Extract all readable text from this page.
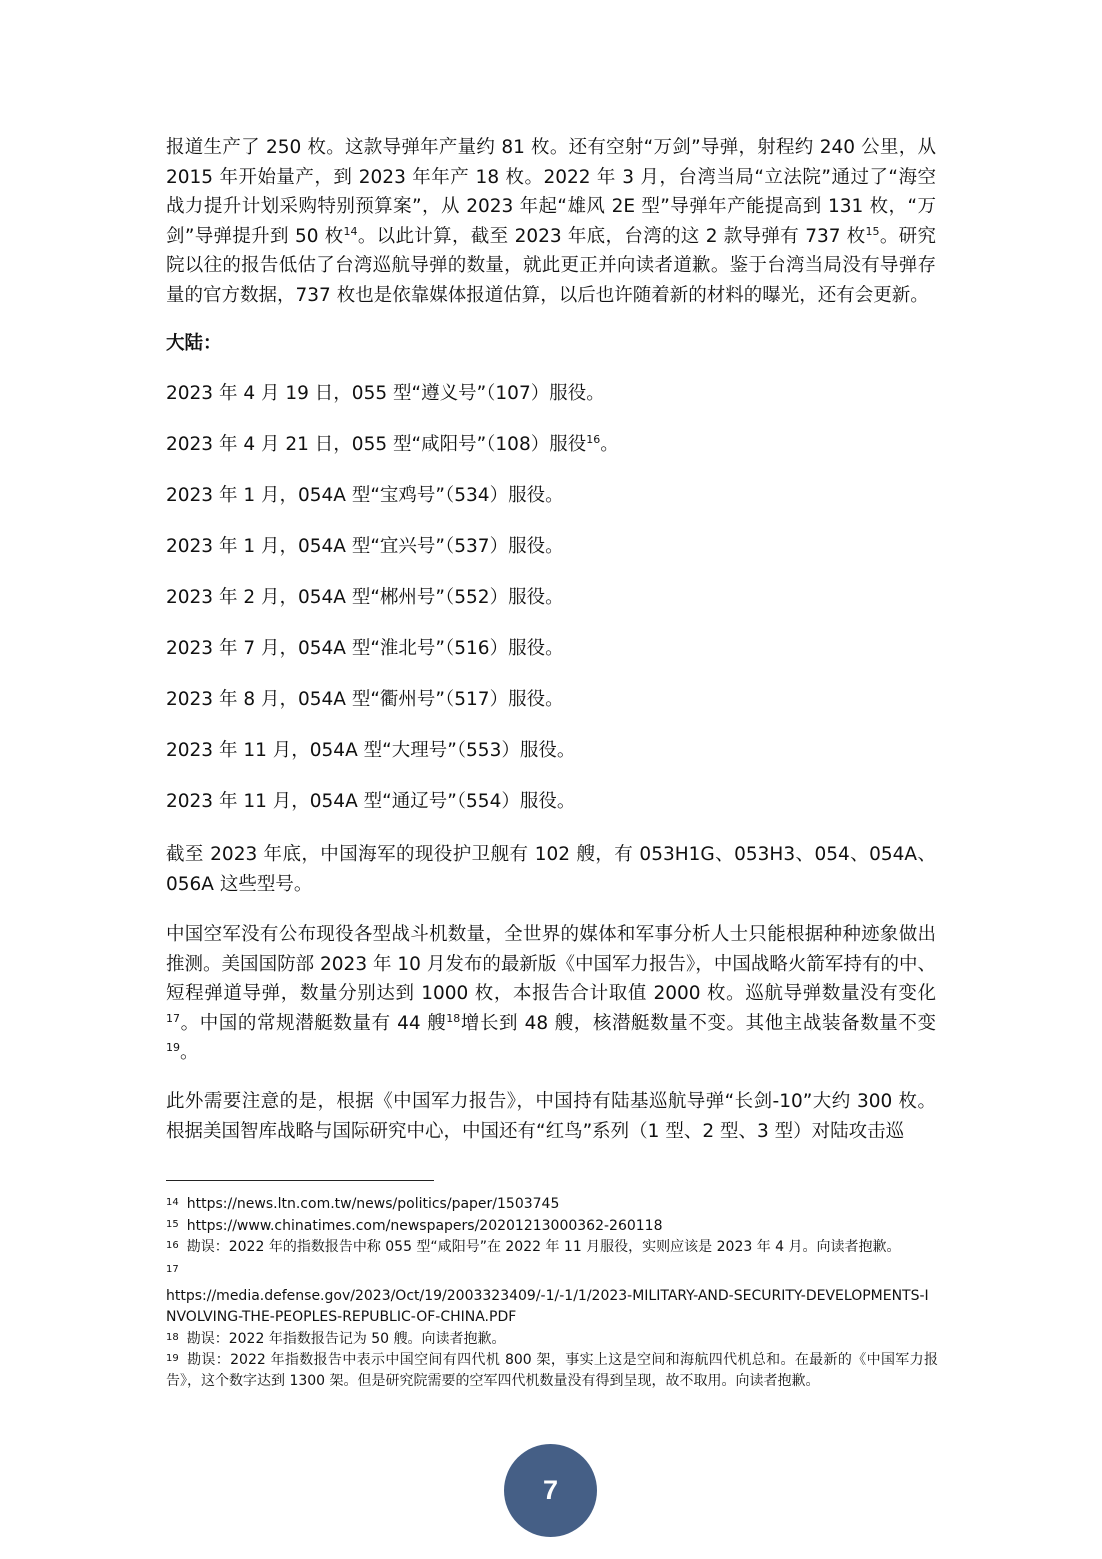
报道生产了 250 枚。这款导弹年产量约 81 枚。还有空射“万剑”导弹，射程约 240 公里，从 2015 年开始量产，到 2023 年年产 18 枚。2022 年 3 月，台湾当局“立法院”通过了“海空战力提升计划采购特别预算案”，从 2023 年起“雄风 2E 型”导弹年产能提高到 131 枚，“万剑”导弹提升到 50 枚$^{14}$。以此计算，截至 2023 年底，台湾的这 2 款导弹有 737 枚$^{15}$。研究院以往的报告低估了台湾巡航导弹的数量，就此更正并向读者道歉。鉴于台湾当局没有导弹存量的官方数据，737 枚也是依靠媒体报道估算，以后也许随着新的材料的曝光，还有会更新。

大陆：

2023 年 4 月 19 日，055 型“遵义号”（107）服役。

2023 年 4 月 21 日，055 型“咸阳号”（108）服役$^{16}$。

2023 年 1 月，054A 型“宝鸡号”（534）服役。

2023 年 1 月，054A 型“宜兴号”（537）服役。

2023 年 2 月，054A 型“郴州号”（552）服役。

2023 年 7 月，054A 型“淮北号”（516）服役。

2023 年 8 月，054A 型“衢州号”（517）服役。

2023 年 11 月，054A 型“大理号”（553）服役。

2023 年 11 月，054A 型“通辽号”（554）服役。

截至 2023 年底，中国海军的现役护卫舰有 102 艘，有 053H1G、053H3、054、054A、056A 这些型号。

中国空军没有公布现役各型战斗机数量，全世界的媒体和军事分析人士只能根据种种迹象做出推测。美国国防部 2023 年 10 月发布的最新版《中国军力报告》，中国战略火箭军持有的中、短程弹道导弹，数量分别达到 1000 枚，本报告合计取值 2000 枚。巡航导弹数量没有变化$^{17}$。中国的常规潜艇数量有 44 艘$^{18}$增长到 48 艘，核潜艇数量不变。其他主战装备数量不变$^{19}$。

此外需要注意的是，根据《中国军力报告》，中国持有陆基巡航导弹“长剑-10”大约 300 枚。根据美国智库战略与国际研究中心，中国还有“红鸟”系列（1 型、2 型、3 型）对陆攻击巡

$^{14}$ https://news.ltn.com.tw/news/politics/paper/1503745

$^{15}$ https://www.chinatimes.com/newspapers/20201213000362-260118

$^{16}$ 勘误：2022 年的指数报告中称 055 型“咸阳号”在 2022 年 11 月服役，实则应该是 2023 年 4 月。向读者抱歉。

17

https://media.defense.gov/2023/Oct/19/2003323409/-1/-1/1/2023-MILITARY-AND-SECURITY-DEVELOPMENTS-INVOLVING-THE-PEOPLES-REPUBLIC-OF-CHINA.PDF

$^{18}$ 勘误：2022 年指数报告记为 50 艘。向读者抱歉。

$^{19}$ 勘误：2022 年指数报告中表示中国空间有四代机 800 架，事实上这是空间和海航四代机总和。在最新的《中国军力报告》，这个数字达到 1300 架。但是研究院需要的空军四代机数量没有得到呈现，故不取用。向读者抱歉。

7
